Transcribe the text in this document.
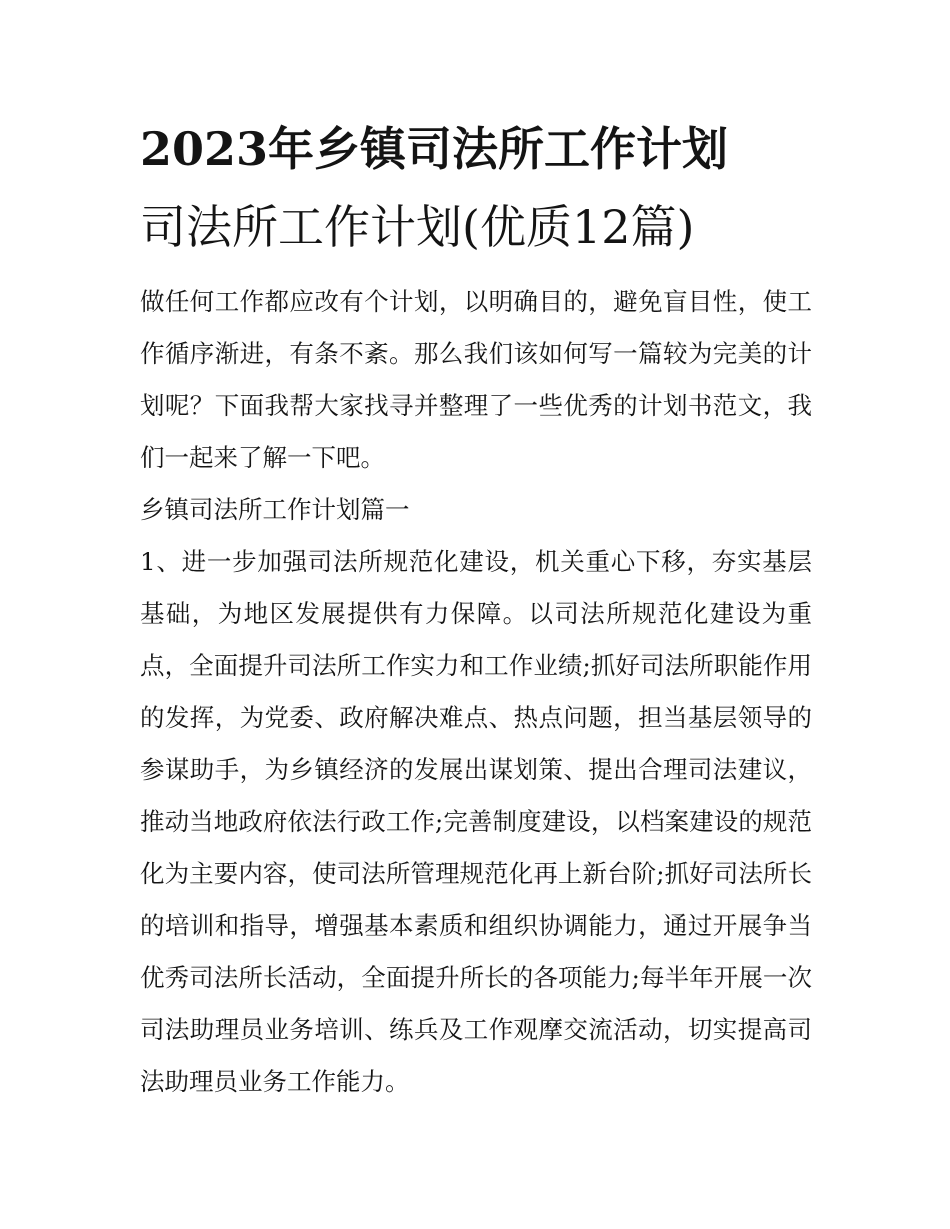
2023年乡镇司法所工作计划
司法所工作计划(优质12篇)

做任何工作都应改有个计划，以明确目的，避免盲目性，使工作循序渐进，有条不紊。那么我们该如何写一篇较为完美的计划呢？下面我帮大家找寻并整理了一些优秀的计划书范文，我们一起来了解一下吧。

乡镇司法所工作计划篇一

1、进一步加强司法所规范化建设，机关重心下移，夯实基层基础，为地区发展提供有力保障。以司法所规范化建设为重点，全面提升司法所工作实力和工作业绩;抓好司法所职能作用的发挥，为党委、政府解决难点、热点问题，担当基层领导的参谋助手，为乡镇经济的发展出谋划策、提出合理司法建议，推动当地政府依法行政工作;完善制度建设，以档案建设的规范化为主要内容，使司法所管理规范化再上新台阶;抓好司法所长的培训和指导，增强基本素质和组织协调能力，通过开展争当优秀司法所长活动，全面提升所长的各项能力;每半年开展一次司法助理员业务培训、练兵及工作观摩交流活动，切实提高司法助理员业务工作能力。
